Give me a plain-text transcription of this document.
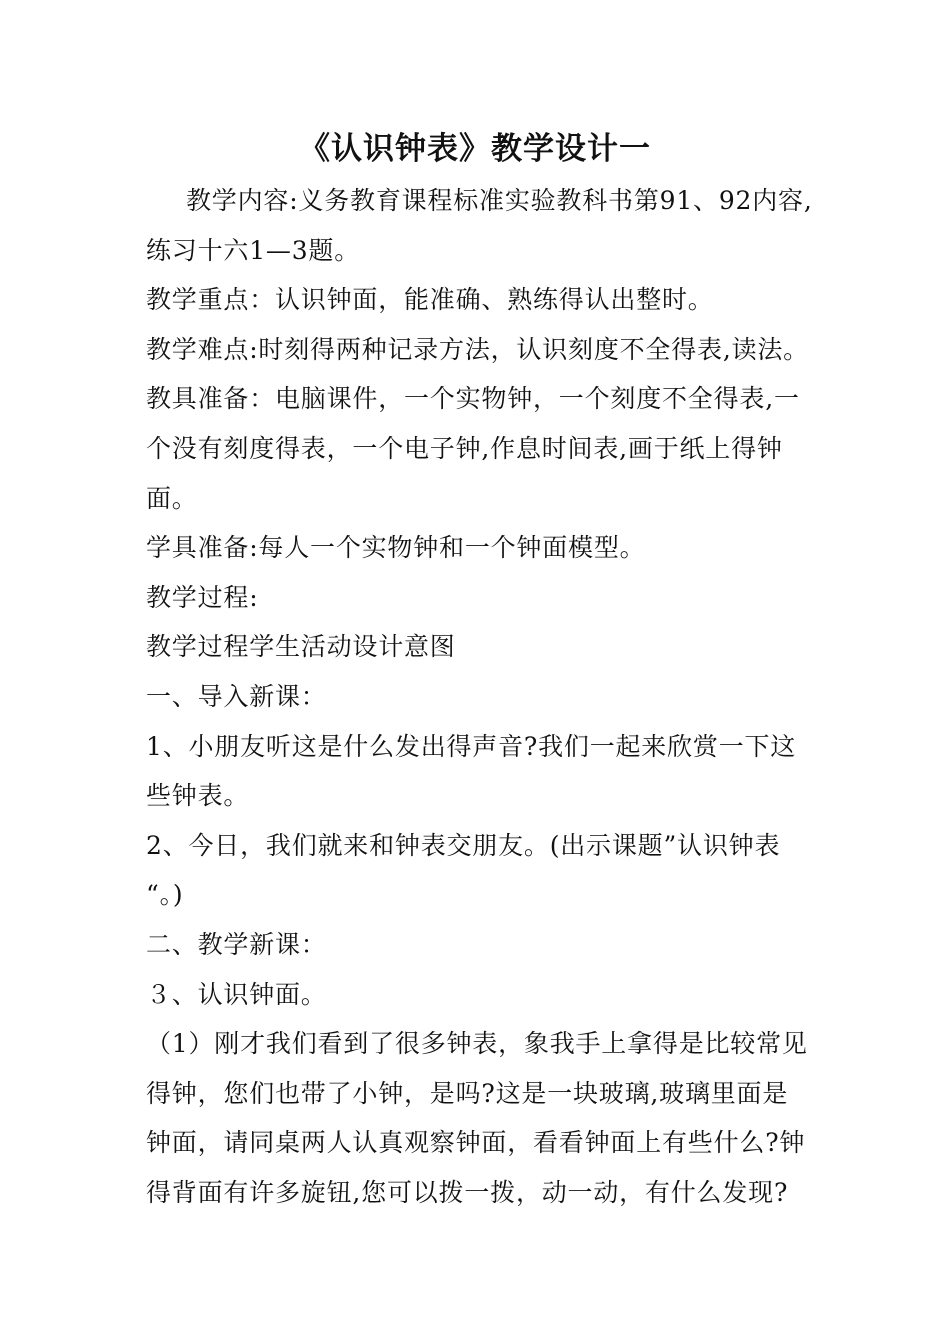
《认识钟表》教学设计一
教学内容:义务教育课程标准实验教科书第91、92内容,
练习十六1—3题。
教学重点：认识钟面，能准确、熟练得认出整时。
教学难点:时刻得两种记录方法，认识刻度不全得表,读法。
教具准备：电脑课件，一个实物钟，一个刻度不全得表,一
个没有刻度得表，一个电子钟,作息时间表,画于纸上得钟
面。
学具准备:每人一个实物钟和一个钟面模型。
教学过程:
教学过程学生活动设计意图
一、导入新课：
1、小朋友听这是什么发出得声音?我们一起来欣赏一下这
些钟表。
2、今日，我们就来和钟表交朋友。(出示课题”认识钟表
“。)
二、教学新课：
３、认识钟面。
（1）刚才我们看到了很多钟表，象我手上拿得是比较常见
得钟，您们也带了小钟，是吗?这是一块玻璃,玻璃里面是
钟面，请同桌两人认真观察钟面，看看钟面上有些什么?钟
得背面有许多旋钮,您可以拨一拨，动一动，有什么发现?
